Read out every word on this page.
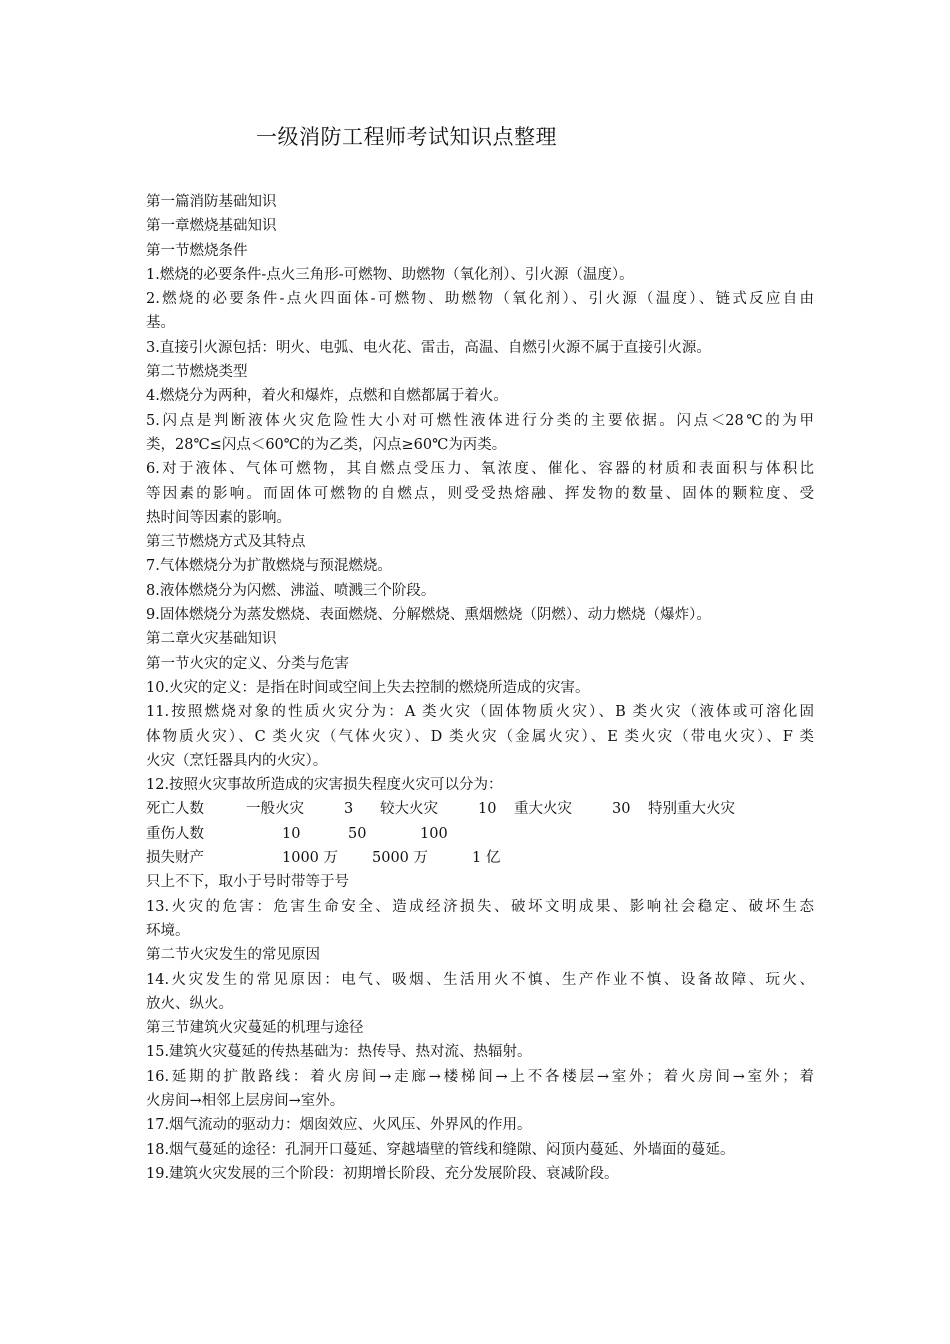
一级消防工程师考试知识点整理
第一篇消防基础知识
第一章燃烧基础知识
第一节燃烧条件
1.燃烧的必要条件-点火三角形-可燃物、助燃物（氧化剂）、引火源（温度）。
2.燃烧的必要条件-点火四面体-可燃物、助燃物（氧化剂）、引火源（温度）、链式反应自由
基。
3.直接引火源包括：明火、电弧、电火花、雷击，高温、自燃引火源不属于直接引火源。
第二节燃烧类型
4.燃烧分为两种，着火和爆炸，点燃和自燃都属于着火。
5.闪点是判断液体火灾危险性大小对可燃性液体进行分类的主要依据。闪点＜28℃的为甲
类，28℃≤闪点＜60℃的为乙类，闪点≥60℃为丙类。
6.对于液体、气体可燃物，其自燃点受压力、氧浓度、催化、容器的材质和表面积与体积比
等因素的影响。而固体可燃物的自燃点，则受受热熔融、挥发物的数量、固体的颗粒度、受
热时间等因素的影响。
第三节燃烧方式及其特点
7.气体燃烧分为扩散燃烧与预混燃烧。
8.液体燃烧分为闪燃、沸溢、喷溅三个阶段。
9.固体燃烧分为蒸发燃烧、表面燃烧、分解燃烧、熏烟燃烧（阴燃）、动力燃烧（爆炸）。
第二章火灾基础知识
第一节火灾的定义、分类与危害
10.火灾的定义：是指在时间或空间上失去控制的燃烧所造成的灾害。
11.按照燃烧对象的性质火灾分为：A 类火灾（固体物质火灾）、B 类火灾（液体或可溶化固
体物质火灾）、C 类火灾（气体火灾）、D 类火灾（金属火灾）、E 类火灾（带电火灾）、F 类
火灾（烹饪器具内的火灾）。
12.按照火灾事故所造成的灾害损失程度火灾可以分为：
死亡人数	一般火灾	3 较大火灾	10 重大火灾	30 特别重大火灾
重伤人数	10	50	100
损失财产	1000 万 5000 万	1 亿
只上不下，取小于号时带等于号
13.火灾的危害：危害生命安全、造成经济损失、破坏文明成果、影响社会稳定、破坏生态
环境。
第二节火灾发生的常见原因
14.火灾发生的常见原因：电气、吸烟、生活用火不慎、生产作业不慎、设备故障、玩火、
放火、纵火。
第三节建筑火灾蔓延的机理与途径
15.建筑火灾蔓延的传热基础为：热传导、热对流、热辐射。
16.延期的扩散路线：着火房间→走廊→楼梯间→上不各楼层→室外；着火房间→室外；着
火房间→相邻上层房间→室外。
17.烟气流动的驱动力：烟囱效应、火风压、外界风的作用。
18.烟气蔓延的途径：孔洞开口蔓延、穿越墙壁的管线和缝隙、闷顶内蔓延、外墙面的蔓延。
19.建筑火灾发展的三个阶段：初期增长阶段、充分发展阶段、衰减阶段。
